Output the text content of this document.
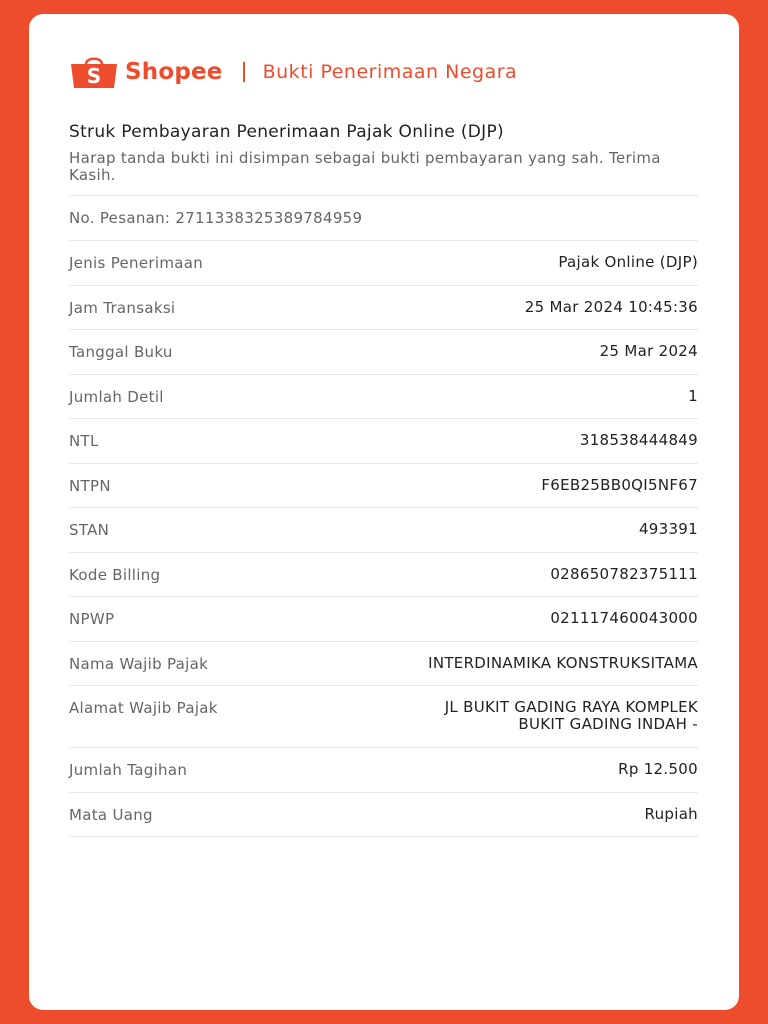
S Shopee Bukti Penerimaan Negara
Struk Pembayaran Penerimaan Pajak Online (DJP)
Harap tanda bukti ini disimpan sebagai bukti pembayaran yang sah. Terima Kasih.
No. Pesanan: 2711338325389784959
Jenis Penerimaan	Pajak Online (DJP)
Jam Transaksi	25 Mar 2024 10:45:36
Tanggal Buku	25 Mar 2024
Jumlah Detil	1
NTL	318538444849
NTPN	F6EB25BB0QI5NF67
STAN	493391
Kode Billing	028650782375111
NPWP	021117460043000
Nama Wajib Pajak	INTERDINAMIKA KONSTRUKSITAMA
Alamat Wajib Pajak	JL BUKIT GADING RAYA KOMPLEK
BUKIT GADING INDAH -
Jumlah Tagihan	Rp 12.500
Mata Uang	Rupiah
